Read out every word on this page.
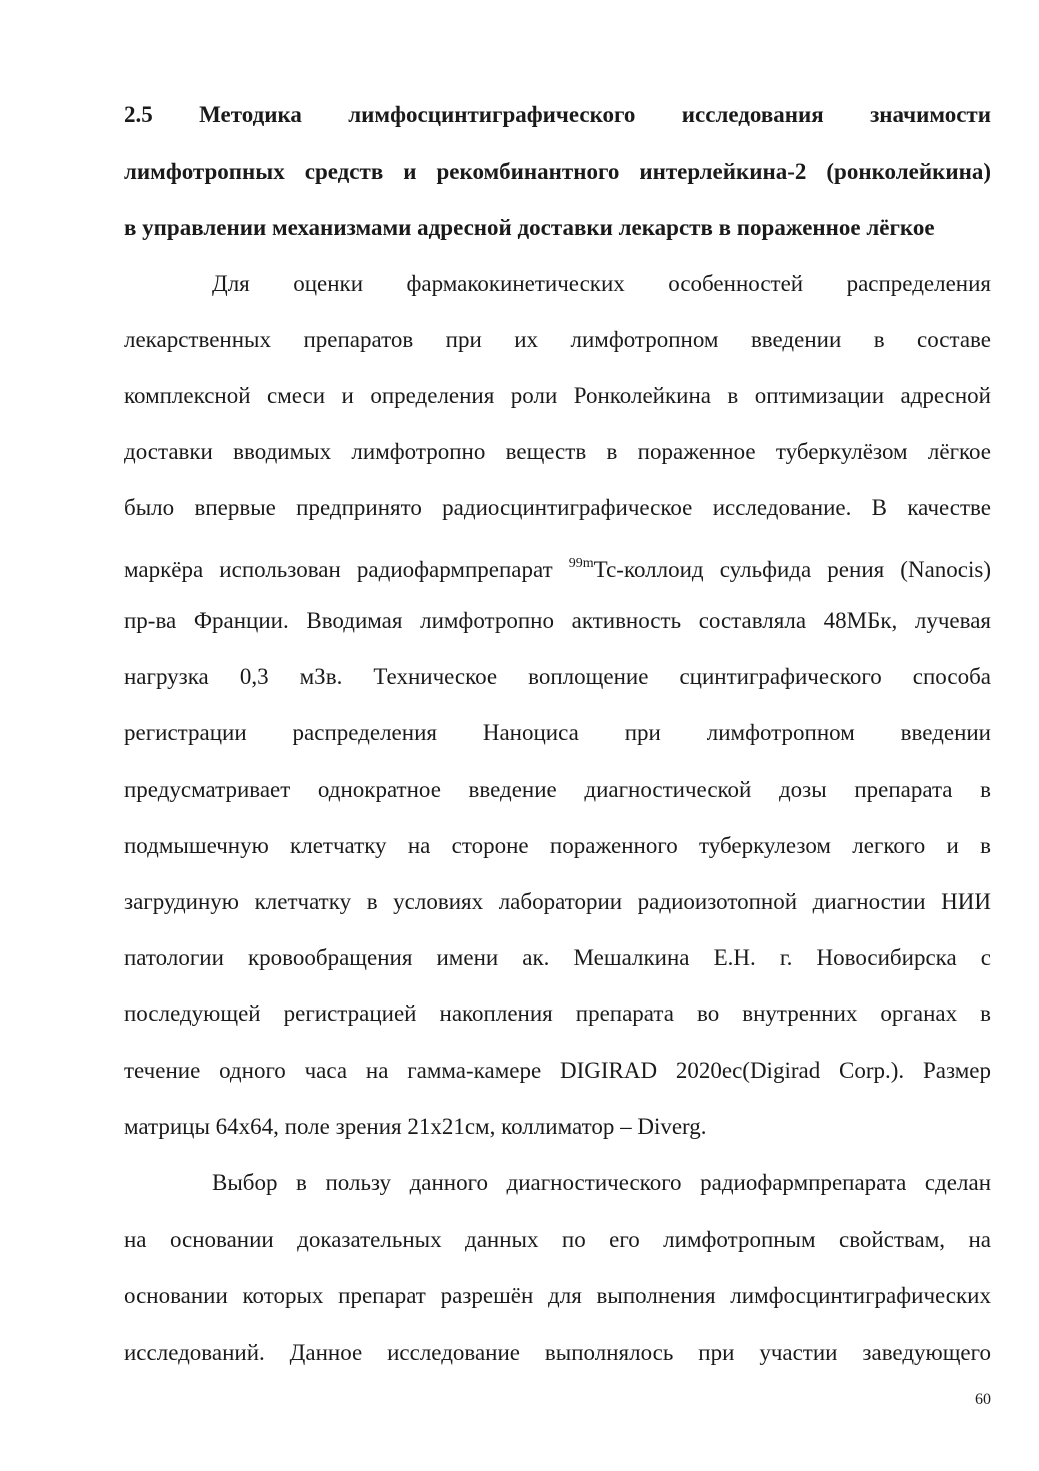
2.5 Методика лимфосцинтиграфического исследования значимости
лимфотропных средств и рекомбинантного интерлейкина-2 (ронколейкина)
в управлении механизмами адресной доставки лекарств в пораженное лёгкое
Для оценки фармакокинетических особенностей распределения
лекарственных препаратов при их лимфотропном введении в составе
комплексной смеси и определения роли Ронколейкина в оптимизации адресной
доставки вводимых лимфотропно веществ в пораженное туберкулёзом лёгкое
было впервые предпринято радиосцинтиграфическое исследование. В качестве
маркёра использован радиофармпрепарат $^{99m}$Tc-коллоид сульфида рения (Nanocis)
пр-ва Франции. Вводимая лимфотропно активность составляла 48МБк, лучевая
нагрузка 0,3 мЗв. Техническое воплощение сцинтиграфического способа
регистрации распределения Наноциса при лимфотропном введении
предусматривает однократное введение диагностической дозы препарата в
подмышечную клетчатку на стороне пораженного туберкулезом легкого и в
загрудиную клетчатку в условиях лаборатории радиоизотопной диагностии НИИ
патологии кровообращения имени ак. Мешалкина Е.Н. г. Новосибирска с
последующей регистрацией накопления препарата во внутренних органах в
течение одного часа на гамма-камере DIGIRAD 2020ec(Digirad Corp.). Размер
матрицы 64х64, поле зрения 21х21см, коллиматор – Diverg.
Выбор в пользу данного диагностического радиофармпрепарата сделан
на основании доказательных данных по его лимфотропным свойствам, на
основании которых препарат разрешён для выполнения лимфосцинтиграфических
исследований. Данное исследование выполнялось при участии заведующего
60
